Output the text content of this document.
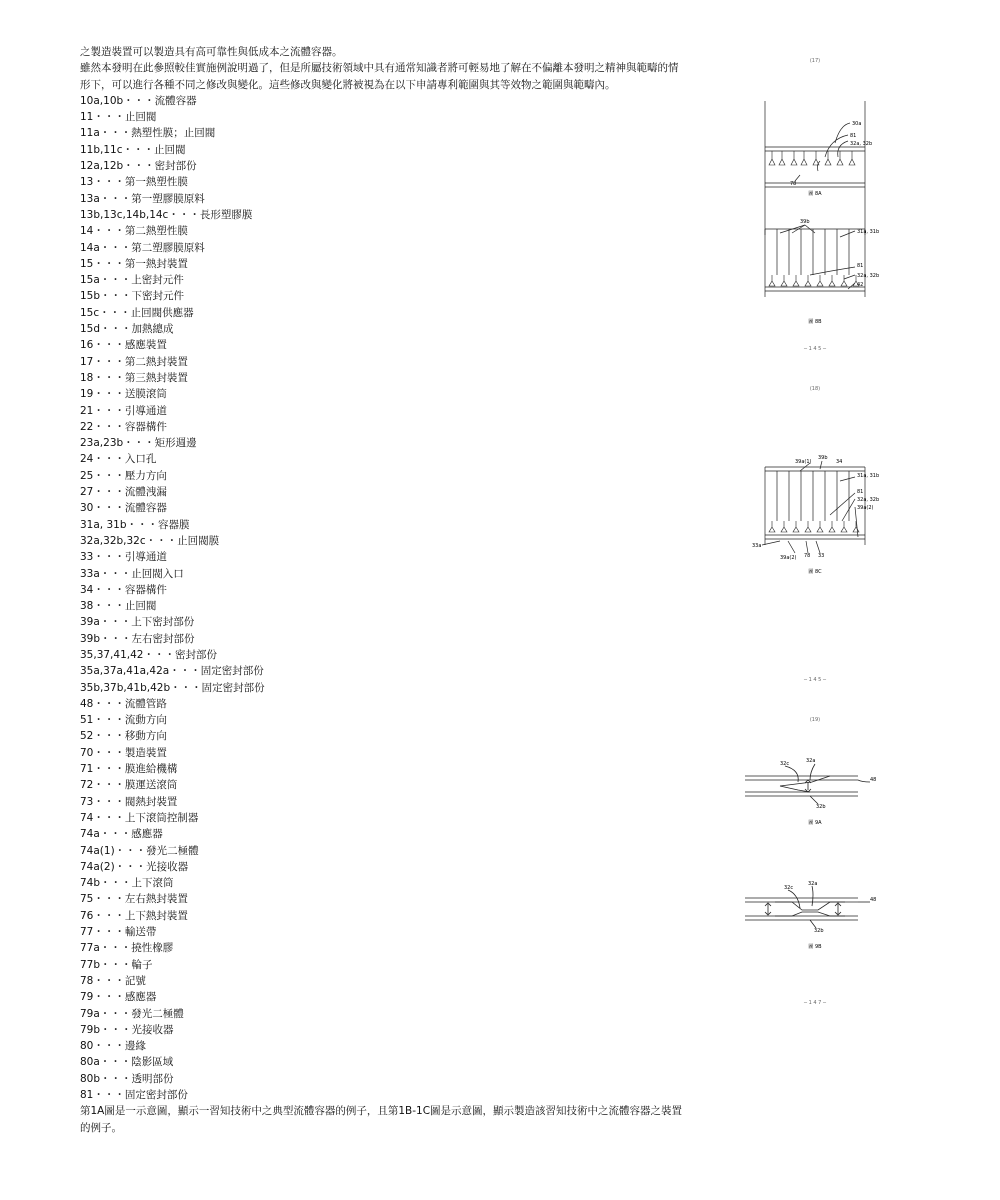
之製造裝置可以製造具有高可靠性與低成本之流體容器。

雖然本發明在此參照較佳實施例說明過了，但是所屬技術領域中具有通常知識者將可輕易地了解在不偏離本發明之精神與範疇的情形下，可以進行各種不同之修改與變化。這些修改與變化將被視為在以下申請專利範圍與其等效物之範圍與範疇內。

10a,10b・・・流體容器
11・・・止回閥
11a・・・熱塑性膜；止回閥
11b,11c・・・止回閥
12a,12b・・・密封部份
13・・・第一熱塑性膜
13a・・・第一塑膠膜原料
13b,13c,14b,14c・・・長形塑膠膜
14・・・第二熱塑性膜
14a・・・第二塑膠膜原料
15・・・第一熱封裝置
15a・・・上密封元件
15b・・・下密封元件
15c・・・止回閥供應器
15d・・・加熱總成
16・・・感應裝置
17・・・第二熱封裝置
18・・・第三熱封裝置
19・・・送膜滾筒
21・・・引導通道
22・・・容器構件
23a,23b・・・矩形週邊
24・・・入口孔
25・・・壓力方向
27・・・流體洩漏
30・・・流體容器
31a, 31b・・・容器膜
32a,32b,32c・・・止回閥膜
33・・・引導通道
33a・・・止回閥入口
34・・・容器構件
38・・・止回閥
39a・・・上下密封部份
39b・・・左右密封部份
35,37,41,42・・・密封部份
35a,37a,41a,42a・・・固定密封部份
35b,37b,41b,42b・・・固定密封部份
48・・・流體管路
51・・・流動方向
52・・・移動方向
70・・・製造裝置
71・・・膜進給機構
72・・・膜運送滾筒
73・・・閥熱封裝置
74・・・上下滾筒控制器
74a・・・感應器
74a(1)・・・發光二極體
74a(2)・・・光接收器
74b・・・上下滾筒
75・・・左右熱封裝置
76・・・上下熱封裝置
77・・・輸送帶
77a・・・撓性橡膠
77b・・・輪子
78・・・記號
79・・・感應器
79a・・・發光二極體
79b・・・光接收器
80・・・邊緣
80a・・・陰影區域
80b・・・透明部份
81・・・固定密封部份

第1A圖是一示意圖，顯示一習知技術中之典型流體容器的例子，且第1B-1C圖是示意圖，顯示製造該習知技術中之流體容器之裝置的例子。

(17)
30a
81
32a, 32b
78
圖 8A
39b
31a, 31b
81
32a, 32b
42
圖 8B
─ 1 4 5 ─
(18)
39a(1)
39b
34
31a, 31b
81
32a, 32b
39a(2)
33a
39a(2) 78 33
圖 8C
─ 1 4 5 ─
(19)
32c	32a
48
32b
圖 9A
32c
32a
48
32b
圖 9B
─ 1 4 7 ─
